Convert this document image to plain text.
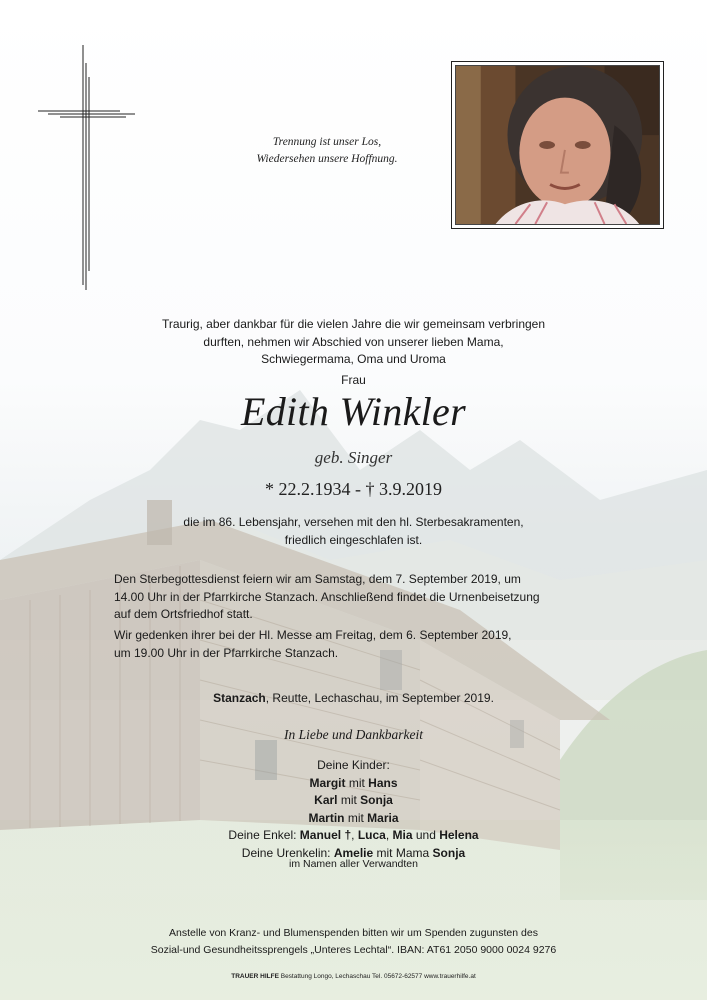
Trennung ist unser Los,
Wiedersehen unsere Hoffnung.
Traurig, aber dankbar für die vielen Jahre die wir gemeinsam verbringen
durften, nehmen wir Abschied von unserer lieben Mama,
Schwiegermama, Oma und Uroma
Frau
Edith Winkler
geb. Singer
* 22.2.1934 - † 3.9.2019
die im 86. Lebensjahr, versehen mit den hl. Sterbesakramenten,
friedlich eingeschlafen ist.
Den Sterbegottesdienst feiern wir am Samstag, dem 7. September 2019, um
14.00 Uhr in der Pfarrkirche Stanzach. Anschließend findet die Urnenbeisetzung
auf dem Ortsfriedhof statt.
Wir gedenken ihrer bei der Hl. Messe am Freitag, dem 6. September 2019,
um 19.00 Uhr in der Pfarrkirche Stanzach.
Stanzach, Reutte, Lechaschau, im September 2019.
In Liebe und Dankbarkeit
Deine Kinder:
Margit mit Hans
Karl mit Sonja
Martin mit Maria
Deine Enkel: Manuel †, Luca, Mia und Helena
Deine Urenkelin: Amelie mit Mama Sonja
im Namen aller Verwandten
Anstelle von Kranz- und Blumenspenden bitten wir um Spenden zugunsten des
Sozial-und Gesundheitssprengels „Unteres Lechtal“. IBAN: AT61 2050 9000 0024 9276
TRAUER HILFE Bestattung Longo, Lechaschau Tel. 05672-62577 www.trauerhilfe.at
